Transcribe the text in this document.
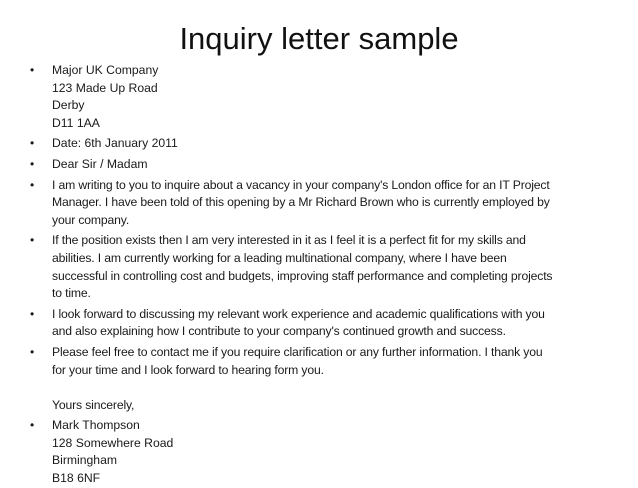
Inquiry letter sample
• Major UK Company
123 Made Up Road
Derby
D11 1AA
• Date: 6th January 2011
• Dear Sir / Madam
• I am writing to you to inquire about a vacancy in your company's London office for an IT Project
Manager. I have been told of this opening by a Mr Richard Brown who is currently employed by
your company.
• If the position exists then I am very interested in it as I feel it is a perfect fit for my skills and
abilities. I am currently working for a leading multinational company, where I have been
successful in controlling cost and budgets, improving staff performance and completing projects
to time.
• I look forward to discussing my relevant work experience and academic qualifications with you
and also explaining how I contribute to your company's continued growth and success.
• Please feel free to contact me if you require clarification or any further information. I thank you
for your time and I look forward to hearing form you.
Yours sincerely,
• Mark Thompson
128 Somewhere Road
Birmingham
B18 6NF
